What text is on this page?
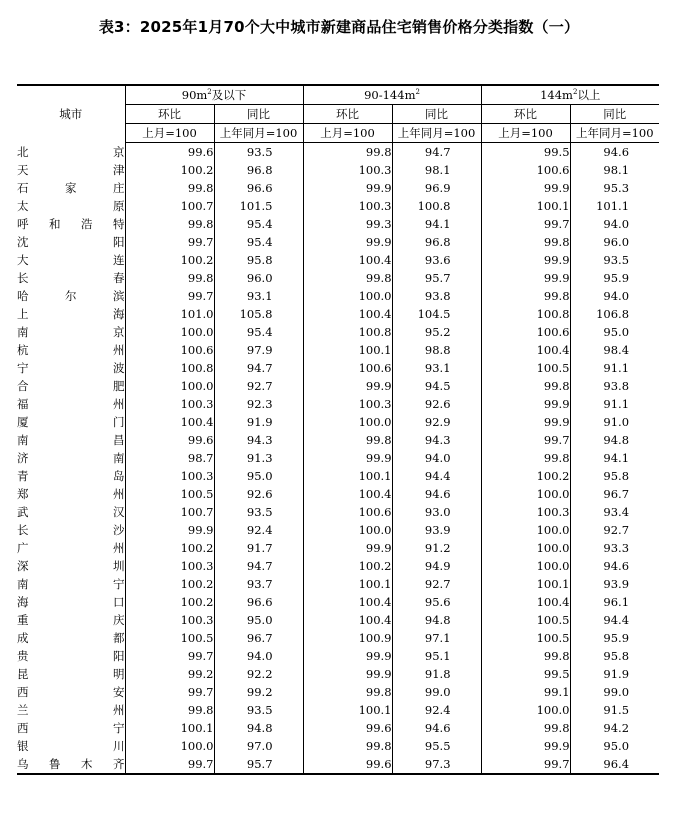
表3：2025年1月70个大中城市新建商品住宅销售价格分类指数（一）
城市	$90m^2$及以下		$90-144m^2$		$144m^2$以上	
	环比	同比	环比	同比	环比	同比
	上月=100	上年同月=100	上月=100	上年同月=100	上月=100	上年同月=100
北京	99.6	93.5	99.8	94.7	99.5	94.6
天津	100.2	96.8	100.3	98.1	100.6	98.1
石家庄	99.8	96.6	99.9	96.9	99.9	95.3
太原	100.7	101.5	100.3	100.8	100.1	101.1
呼和浩特	99.8	95.4	99.3	94.1	99.7	94.0
沈阳	99.7	95.4	99.9	96.8	99.8	96.0
大连	100.2	95.8	100.4	93.6	99.9	93.5
长春	99.8	96.0	99.8	95.7	99.9	95.9
哈尔滨	99.7	93.1	100.0	93.8	99.8	94.0
上海	101.0	105.8	100.4	104.5	100.8	106.8
南京	100.0	95.4	100.8	95.2	100.6	95.0
杭州	100.6	97.9	100.1	98.8	100.4	98.4
宁波	100.8	94.7	100.6	93.1	100.5	91.1
合肥	100.0	92.7	99.9	94.5	99.8	93.8
福州	100.3	92.3	100.3	92.6	99.9	91.1
厦门	100.4	91.9	100.0	92.9	99.9	91.0
南昌	99.6	94.3	99.8	94.3	99.7	94.8
济南	98.7	91.3	99.9	94.0	99.8	94.1
青岛	100.3	95.0	100.1	94.4	100.2	95.8
郑州	100.5	92.6	100.4	94.6	100.0	96.7
武汉	100.7	93.5	100.6	93.0	100.3	93.4
长沙	99.9	92.4	100.0	93.9	100.0	92.7
广州	100.2	91.7	99.9	91.2	100.0	93.3
深圳	100.3	94.7	100.2	94.9	100.0	94.6
南宁	100.2	93.7	100.1	92.7	100.1	93.9
海口	100.2	96.6	100.4	95.6	100.4	96.1
重庆	100.3	95.0	100.4	94.8	100.5	94.4
成都	100.5	96.7	100.9	97.1	100.5	95.9
贵阳	99.7	94.0	99.9	95.1	99.8	95.8
昆明	99.2	92.2	99.9	91.8	99.5	91.9
西安	99.7	99.2	99.8	99.0	99.1	99.0
兰州	99.8	93.5	100.1	92.4	100.0	91.5
西宁	100.1	94.8	99.6	94.6	99.8	94.2
银川	100.0	97.0	99.8	95.5	99.9	95.0
乌鲁木齐	99.7	95.7	99.6	97.3	99.7	96.4
